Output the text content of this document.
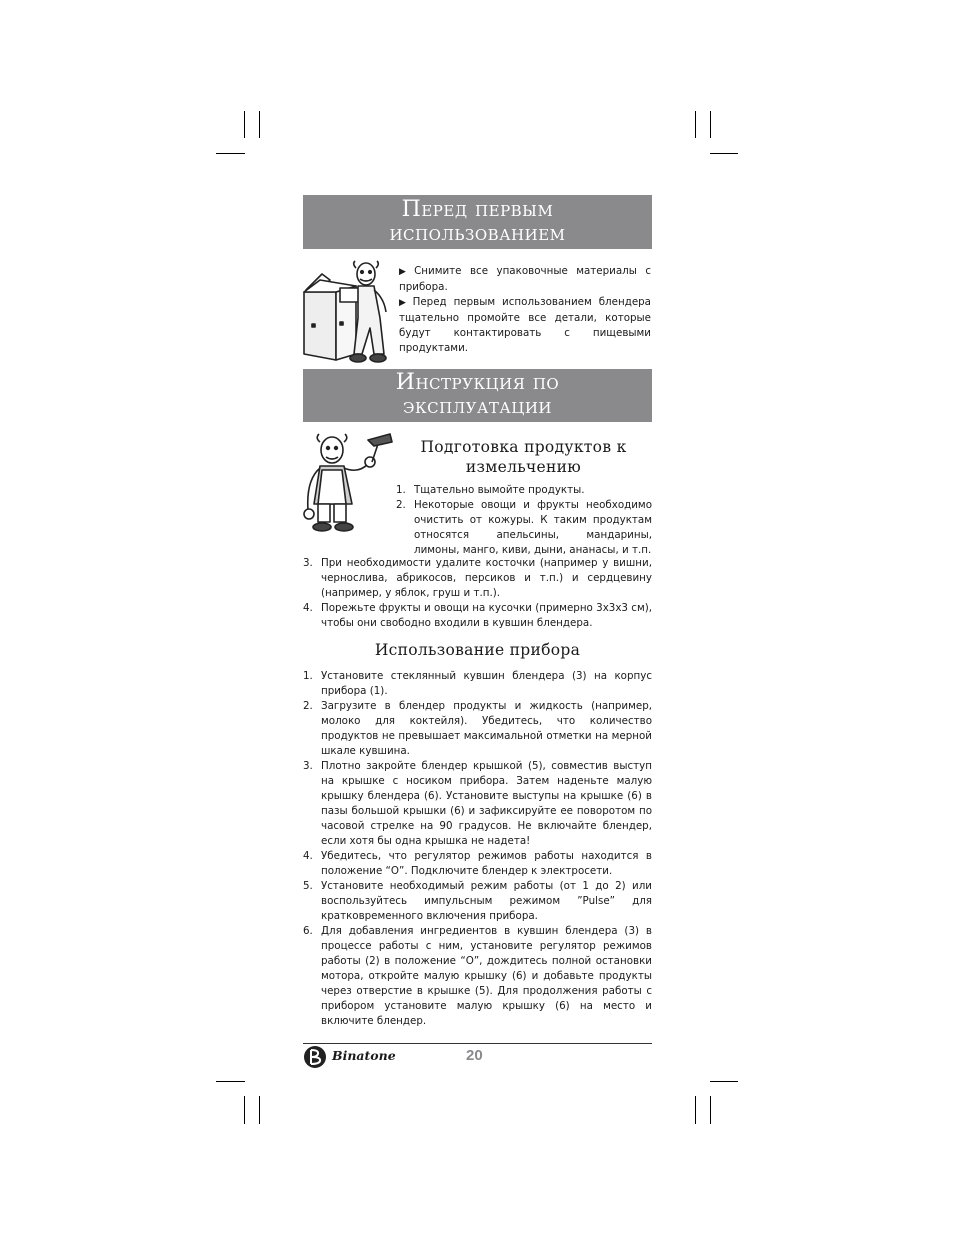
Перед первым
использованием
▶ Снимите все упаковочные материалы с прибора.
▶ Перед первым использованием блендера тщательно промойте все детали, которые будут контактировать с пищевыми продуктами.
Инструкция по
эксплуатации
Подготовка продуктов к
измельчению
1. Тщательно вымойте продукты.
2. Некоторые овощи и фрукты необходимо очистить от кожуры. К таким продуктам относятся апельсины, мандарины, лимоны, манго, киви, дыни, ананасы, и т.п.
3. При необходимости удалите косточки (например у вишни, чернослива, абрикосов, персиков и т.п.) и сердцевину (например, у яблок, груш и т.п.).
4. Порежьте фрукты и овощи на кусочки (примерно 3х3х3 см), чтобы они свободно входили в кувшин блендера.
Использование прибора
1. Установите стеклянный кувшин блендера (3) на корпус прибора (1).
2. Загрузите в блендер продукты и жидкость (например, молоко для коктейля). Убедитесь, что количество продуктов не превышает максимальной отметки на мерной шкале кувшина.
3. Плотно закройте блендер крышкой (5), совместив выступ на крышке с носиком прибора. Затем наденьте малую крышку блендера (6). Установите выступы на крышке (6) в пазы большой крышки (6) и зафиксируйте ее поворотом по часовой стрелке на 90 градусов. Не включайте блендер, если хотя бы одна крышка не надета!
4. Убедитесь, что регулятор режимов работы находится в положение “О”. Подключите блендер к электросети.
5. Установите необходимый режим работы (от 1 до 2) или воспользуйтесь импульсным режимом ”Pulse” для кратковременного включения прибора.
6. Для добавления ингредиентов в кувшин блендера (3) в процессе работы с ним, установите регулятор режимов работы (2) в положение “О”, дождитесь полной остановки мотора, откройте малую крышку (6) и добавьте продукты через отверстие в крышке (5). Для продолжения работы с прибором установите малую крышку (6) на место и включите блендер.
Binatone	20
